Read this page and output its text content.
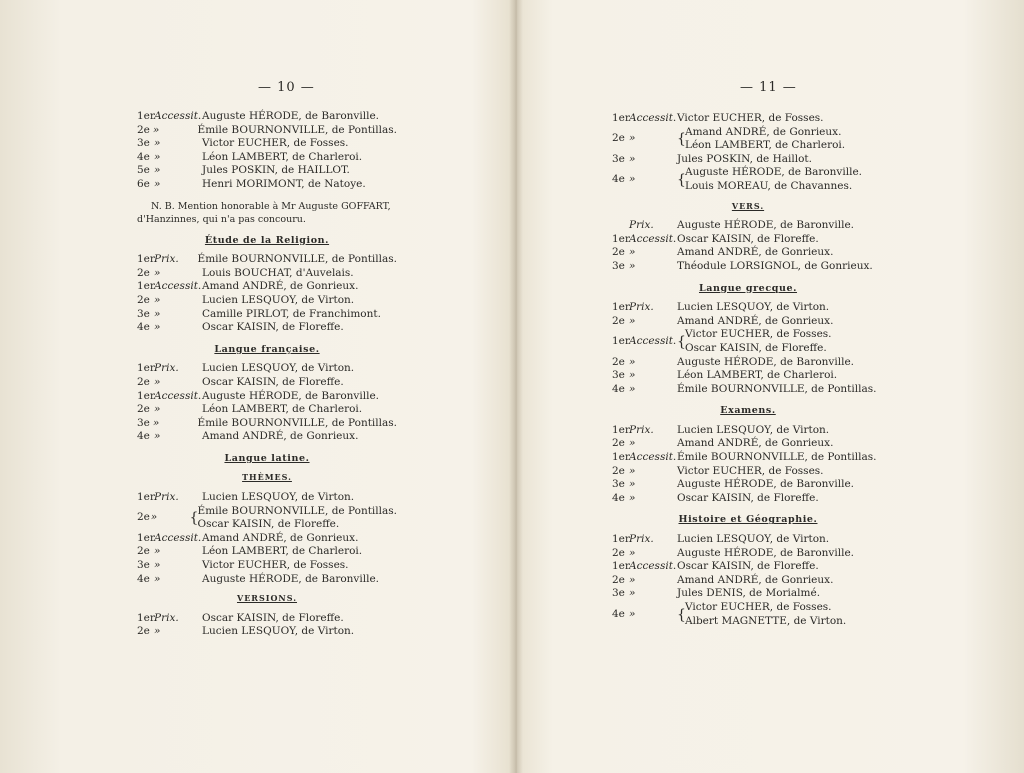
— 10 —
1er Accessit. Auguste HÉRODE, de Baronville.
2e »	Émile BOURNONVILLE, de Pontillas.
3e »	Victor EUCHER, de Fosses.
4e »	Léon LAMBERT, de Charleroi.
5e »	Jules POSKIN, de HAILLOT.
6e »	Henri MORIMONT, de Natoye.
N. B. Mention honorable à Mr Auguste GOFFART, d'Hanzinnes, qui n'a pas concouru.
Étude de la Religion.
1er Prix.	Émile BOURNONVILLE, de Pontillas.
2e »	Louis BOUCHAT, d'Auvelais.
1er Accessit. Amand ANDRÉ, de Gonrieux.
2e »	Lucien LESQUOY, de Virton.
3e »	Camille PIRLOT, de Franchimont.
4e »	Oscar KAISIN, de Floreffe.
Langue française.
1er Prix.	Lucien LESQUOY, de Virton.
2e »	Oscar KAISIN, de Floreffe.
1er Accessit. Auguste HÉRODE, de Baronville.
2e »	Léon LAMBERT, de Charleroi.
3e »	Émile BOURNONVILLE, de Pontillas.
4e »	Amand ANDRÉ, de Gonrieux.
Langue latine.
THÈMES.
1er Prix.	Lucien LESQUOY, de Virton.
2e »	{ Émile BOURNONVILLE, de Pontillas.
Oscar KAISIN, de Floreffe.
1er Accessit. Amand ANDRÉ, de Gonrieux.
2e »	Léon LAMBERT, de Charleroi.
3e »	Victor EUCHER, de Fosses.
4e »	Auguste HÉRODE, de Baronville.
VERSIONS.
1er Prix.	Oscar KAISIN, de Floreffe.
2e »	Lucien LESQUOY, de Virton.
— 11 —
1er Accessit. Victor EUCHER, de Fosses.
2e »	{ Amand ANDRÉ, de Gonrieux.
Léon LAMBERT, de Charleroi.
3e »	Jules POSKIN, de Haillot.
4e »	{ Auguste HÉRODE, de Baronville.
Louis MOREAU, de Chavannes.
VERS.
Prix.	Auguste HÉRODE, de Baronville.
1er Accessit. Oscar KAISIN, de Floreffe.
2e »	Amand ANDRÉ, de Gonrieux.
3e »	Théodule LORSIGNOL, de Gonrieux.
Langue grecque.
1er Prix.	Lucien LESQUOY, de Virton.
2e »	Amand ANDRÉ, de Gonrieux.
1er Accessit. { Victor EUCHER, de Fosses.
Oscar KAISIN, de Floreffe.
2e »	Auguste HÉRODE, de Baronville.
3e »	Léon LAMBERT, de Charleroi.
4e »	Émile BOURNONVILLE, de Pontillas.
Examens.
1er Prix.	Lucien LESQUOY, de Virton.
2e »	Amand ANDRÉ, de Gonrieux.
1er Accessit. Émile BOURNONVILLE, de Pontillas.
2e »	Victor EUCHER, de Fosses.
3e »	Auguste HÉRODE, de Baronville.
4e »	Oscar KAISIN, de Floreffe.
Histoire et Géographie.
1er Prix.	Lucien LESQUOY, de Virton.
2e »	Auguste HÉRODE, de Baronville.
1er Accessit. Oscar KAISIN, de Floreffe.
2e »	Amand ANDRÉ, de Gonrieux.
3e »	Jules DENIS, de Morialmé.
4e »	{ Victor EUCHER, de Fosses.
Albert MAGNETTE, de Virton.
